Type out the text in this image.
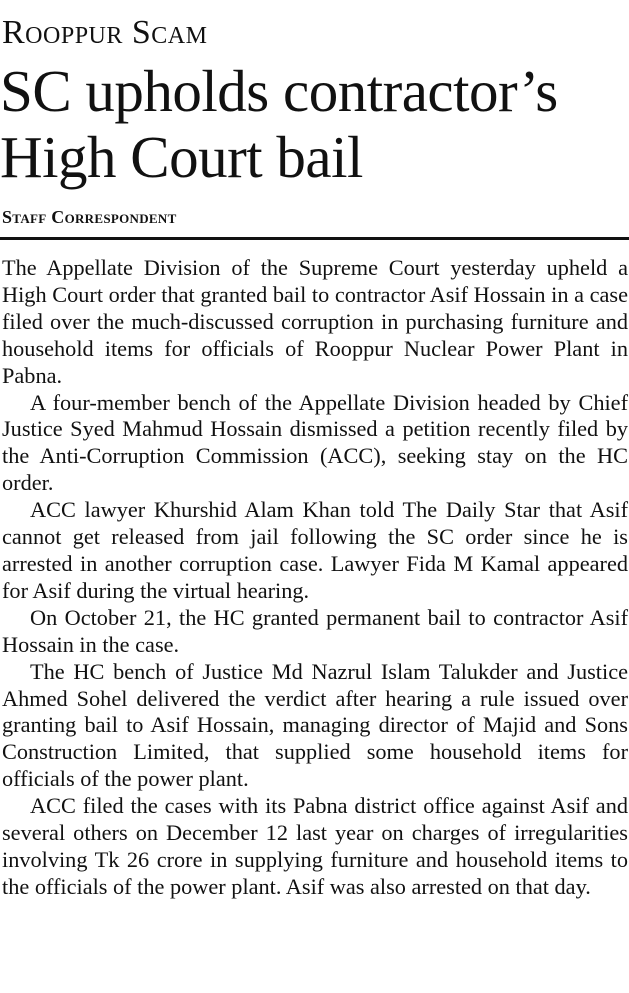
Rooppur Scam
SC upholds contractor’s High Court bail
Staff Correspondent

The Appellate Division of the Supreme Court yesterday upheld a High Court order that granted bail to contractor Asif Hossain in a case filed over the much-discussed corruption in purchasing furniture and household items for officials of Rooppur Nuclear Power Plant in Pabna.

A four-member bench of the Appellate Division headed by Chief Justice Syed Mahmud Hossain dismissed a petition recently filed by the Anti-Corruption Commission (ACC), seeking stay on the HC order.

ACC lawyer Khurshid Alam Khan told The Daily Star that Asif cannot get released from jail following the SC order since he is arrested in another corruption case. Lawyer Fida M Kamal appeared for Asif during the virtual hearing.

On October 21, the HC granted permanent bail to contractor Asif Hossain in the case.

The HC bench of Justice Md Nazrul Islam Talukder and Justice Ahmed Sohel delivered the verdict after hearing a rule issued over granting bail to Asif Hossain, managing director of Majid and Sons Construction Limited, that supplied some household items for officials of the power plant.

ACC filed the cases with its Pabna district office against Asif and several others on December 12 last year on charges of irregularities involving Tk 26 crore in supplying furniture and household items to the officials of the power plant. Asif was also arrested on that day.
